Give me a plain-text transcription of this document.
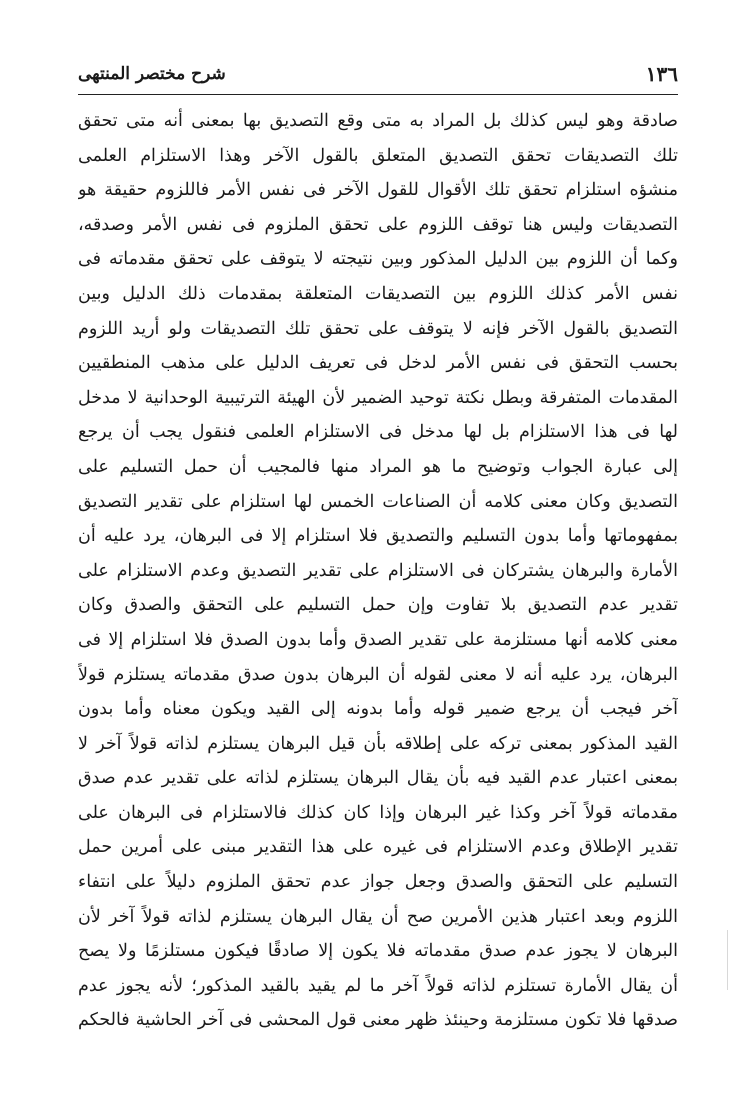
شرح مختصر المنتهى	١٣٦
صادقة وهو ليس كذلك بل المراد به متى وقع التصديق بها بمعنى أنه متى تحقق
تلك التصديقات تحقق التصديق المتعلق بالقول الآخر وهذا الاستلزام العلمى
منشؤه استلزام تحقق تلك الأقوال للقول الآخر فى نفس الأمر فاللزوم حقيقة هو
التصديقات وليس هنا توقف اللزوم على تحقق الملزوم فى نفس الأمر وصدقه،
وكما أن اللزوم بين الدليل المذكور وبين نتيجته لا يتوقف على تحقق مقدماته فى
نفس الأمر كذلك اللزوم بين التصديقات المتعلقة بمقدمات ذلك الدليل وبين
التصديق بالقول الآخر فإنه لا يتوقف على تحقق تلك التصديقات ولو أريد اللزوم
بحسب التحقق فى نفس الأمر لدخل فى تعريف الدليل على مذهب المنطقيين
المقدمات المتفرقة وبطل نكتة توحيد الضمير لأن الهيئة الترتيبية الوحدانية لا مدخل
لها فى هذا الاستلزام بل لها مدخل فى الاستلزام العلمى فنقول يجب أن يرجع
إلى عبارة الجواب وتوضيح ما هو المراد منها فالمجيب أن حمل التسليم على
التصديق وكان معنى كلامه أن الصناعات الخمس لها استلزام على تقدير التصديق
بمفهوماتها وأما بدون التسليم والتصديق فلا استلزام إلا فى البرهان، يرد عليه أن
الأمارة والبرهان يشتركان فى الاستلزام على تقدير التصديق وعدم الاستلزام على
تقدير عدم التصديق بلا تفاوت وإن حمل التسليم على التحقق والصدق وكان
معنى كلامه أنها مستلزمة على تقدير الصدق وأما بدون الصدق فلا استلزام إلا فى
البرهان، يرد عليه أنه لا معنى لقوله أن البرهان بدون صدق مقدماته يستلزم قولاً
آخر فيجب أن يرجع ضمير قوله وأما بدونه إلى القيد ويكون معناه وأما بدون
القيد المذكور بمعنى تركه على إطلاقه بأن قيل البرهان يستلزم لذاته قولاً آخر لا
بمعنى اعتبار عدم القيد فيه بأن يقال البرهان يستلزم لذاته على تقدير عدم صدق
مقدماته قولاً آخر وكذا غير البرهان وإذا كان كذلك فالاستلزام فى البرهان على
تقدير الإطلاق وعدم الاستلزام فى غيره على هذا التقدير مبنى على أمرين حمل
التسليم على التحقق والصدق وجعل جواز عدم تحقق الملزوم دليلاً على انتفاء
اللزوم وبعد اعتبار هذين الأمرين صح أن يقال البرهان يستلزم لذاته قولاً آخر لأن
البرهان لا يجوز عدم صدق مقدماته فلا يكون إلا صادقًا فيكون مستلزمًا ولا يصح
أن يقال الأمارة تستلزم لذاته قولاً آخر ما لم يقيد بالقيد المذكور؛ لأنه يجوز عدم
صدقها فلا تكون مستلزمة وحينئذ ظهر معنى قول المحشى فى آخر الحاشية فالحكم
